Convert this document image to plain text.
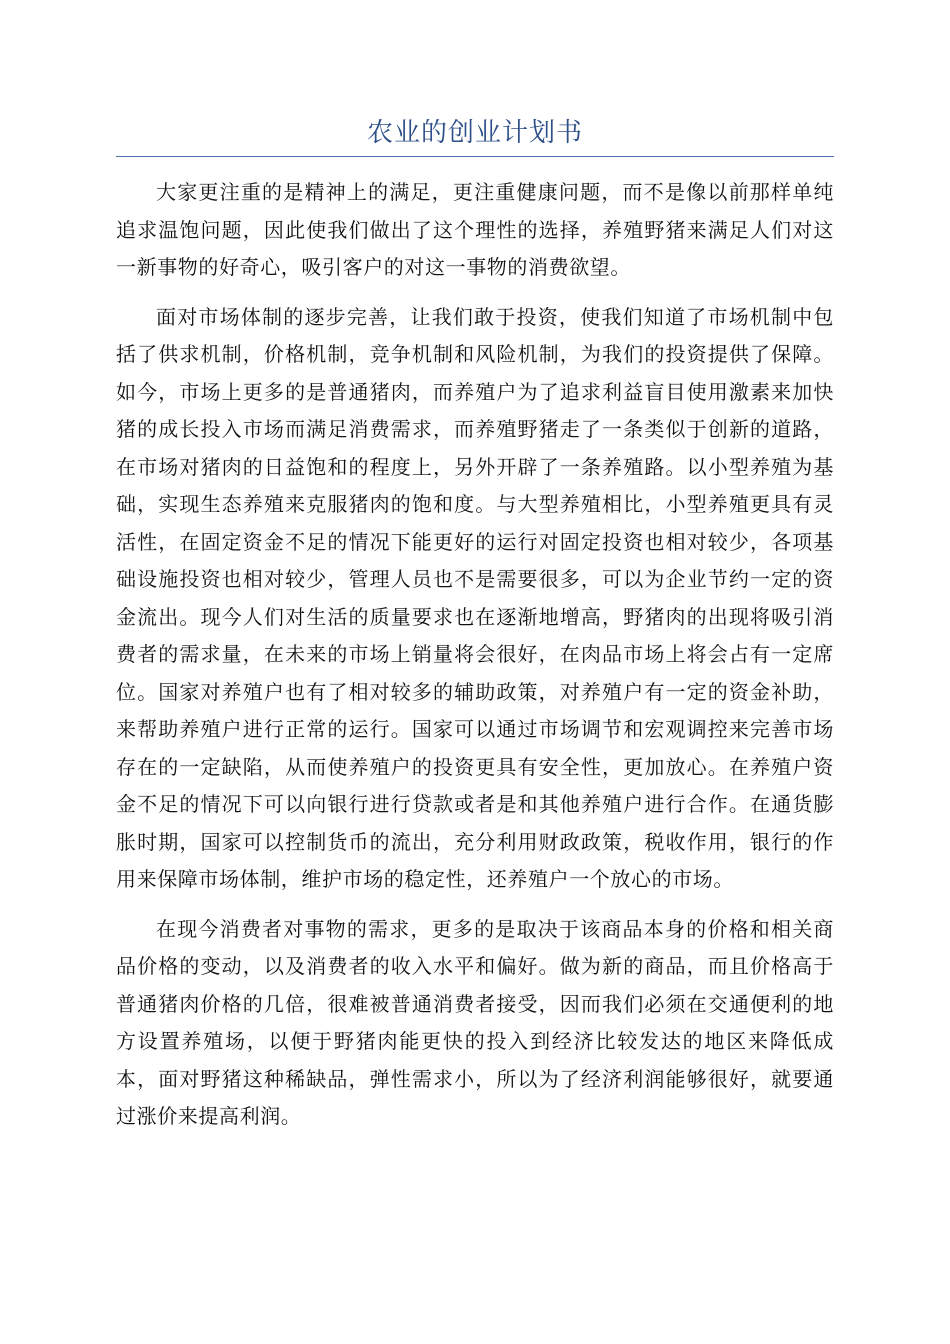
农业的创业计划书

大家更注重的是精神上的满足，更注重健康问题，而不是像以前那样单纯追求温饱问题，因此使我们做出了这个理性的选择，养殖野猪来满足人们对这一新事物的好奇心，吸引客户的对这一事物的消费欲望。

面对市场体制的逐步完善，让我们敢于投资，使我们知道了市场机制中包括了供求机制，价格机制，竞争机制和风险机制，为我们的投资提供了保障。如今，市场上更多的是普通猪肉，而养殖户为了追求利益盲目使用激素来加快猪的成长投入市场而满足消费需求，而养殖野猪走了一条类似于创新的道路，在市场对猪肉的日益饱和的程度上，另外开辟了一条养殖路。以小型养殖为基础，实现生态养殖来克服猪肉的饱和度。与大型养殖相比，小型养殖更具有灵活性，在固定资金不足的情况下能更好的运行对固定投资也相对较少，各项基础设施投资也相对较少，管理人员也不是需要很多，可以为企业节约一定的资金流出。现今人们对生活的质量要求也在逐渐地增高，野猪肉的出现将吸引消费者的需求量，在未来的市场上销量将会很好，在肉品市场上将会占有一定席位。国家对养殖户也有了相对较多的辅助政策，对养殖户有一定的资金补助，来帮助养殖户进行正常的运行。国家可以通过市场调节和宏观调控来完善市场存在的一定缺陷，从而使养殖户的投资更具有安全性，更加放心。在养殖户资金不足的情况下可以向银行进行贷款或者是和其他养殖户进行合作。在通货膨胀时期，国家可以控制货币的流出，充分利用财政政策，税收作用，银行的作用来保障市场体制，维护市场的稳定性，还养殖户一个放心的市场。

在现今消费者对事物的需求，更多的是取决于该商品本身的价格和相关商品价格的变动，以及消费者的收入水平和偏好。做为新的商品，而且价格高于普通猪肉价格的几倍，很难被普通消费者接受，因而我们必须在交通便利的地方设置养殖场，以便于野猪肉能更快的投入到经济比较发达的地区来降低成本，面对野猪这种稀缺品，弹性需求小，所以为了经济利润能够很好，就要通过涨价来提高利润。
